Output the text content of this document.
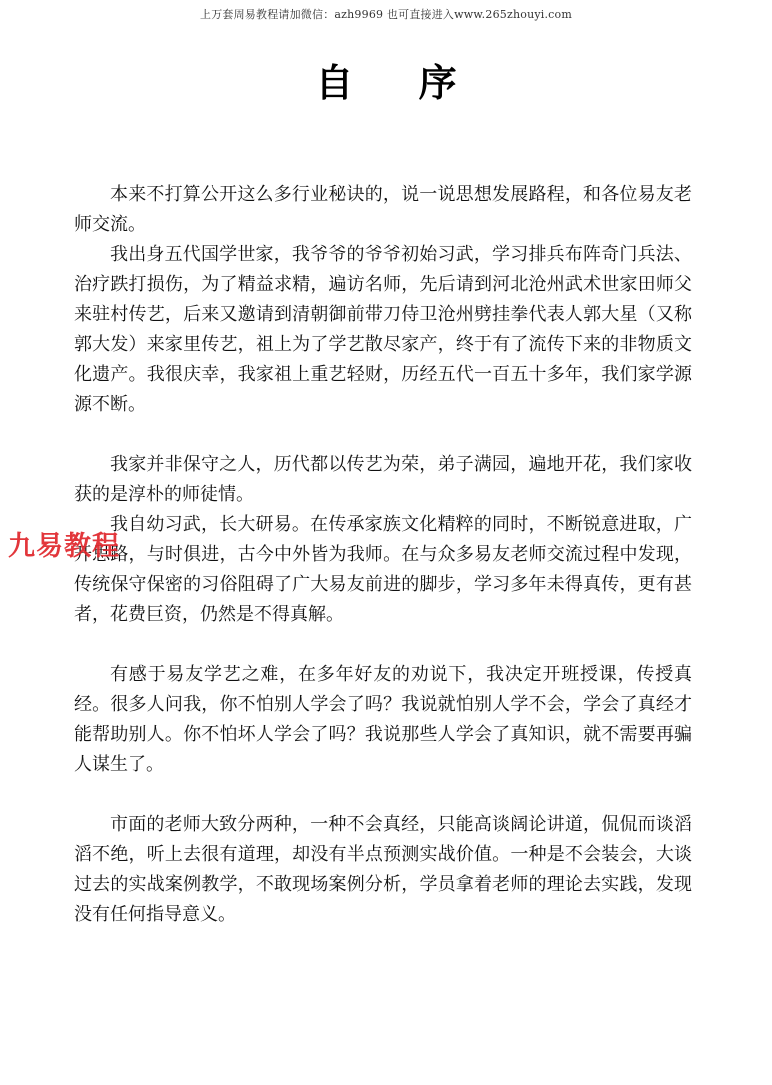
上万套周易教程请加微信：azh9969 也可直接进入www.265zhouyi.com
自 序

本来不打算公开这么多行业秘诀的，说一说思想发展路程，和各位易友老师交流。

我出身五代国学世家，我爷爷的爷爷初始习武，学习排兵布阵奇门兵法、治疗跌打损伤，为了精益求精，遍访名师，先后请到河北沧州武术世家田师父来驻村传艺，后来又邀请到清朝御前带刀侍卫沧州劈挂拳代表人郭大星（又称郭大发）来家里传艺，祖上为了学艺散尽家产，终于有了流传下来的非物质文化遗产。我很庆幸，我家祖上重艺轻财，历经五代一百五十多年，我们家学源源不断。

我家并非保守之人，历代都以传艺为荣，弟子满园，遍地开花，我们家收获的是淳朴的师徒情。

我自幼习武，长大研易。在传承家族文化精粹的同时，不断锐意进取，广开思路，与时俱进，古今中外皆为我师。在与众多易友老师交流过程中发现，传统保守保密的习俗阻碍了广大易友前进的脚步，学习多年未得真传，更有甚者，花费巨资，仍然是不得真解。

有感于易友学艺之难，在多年好友的劝说下，我决定开班授课，传授真经。很多人问我，你不怕别人学会了吗？我说就怕别人学不会，学会了真经才能帮助别人。你不怕坏人学会了吗？我说那些人学会了真知识，就不需要再骗人谋生了。

市面的老师大致分两种，一种不会真经，只能高谈阔论讲道，侃侃而谈滔滔不绝，听上去很有道理，却没有半点预测实战价值。一种是不会装会，大谈过去的实战案例教学，不敢现场案例分析，学员拿着老师的理论去实践，发现没有任何指导意义。

九易教程
